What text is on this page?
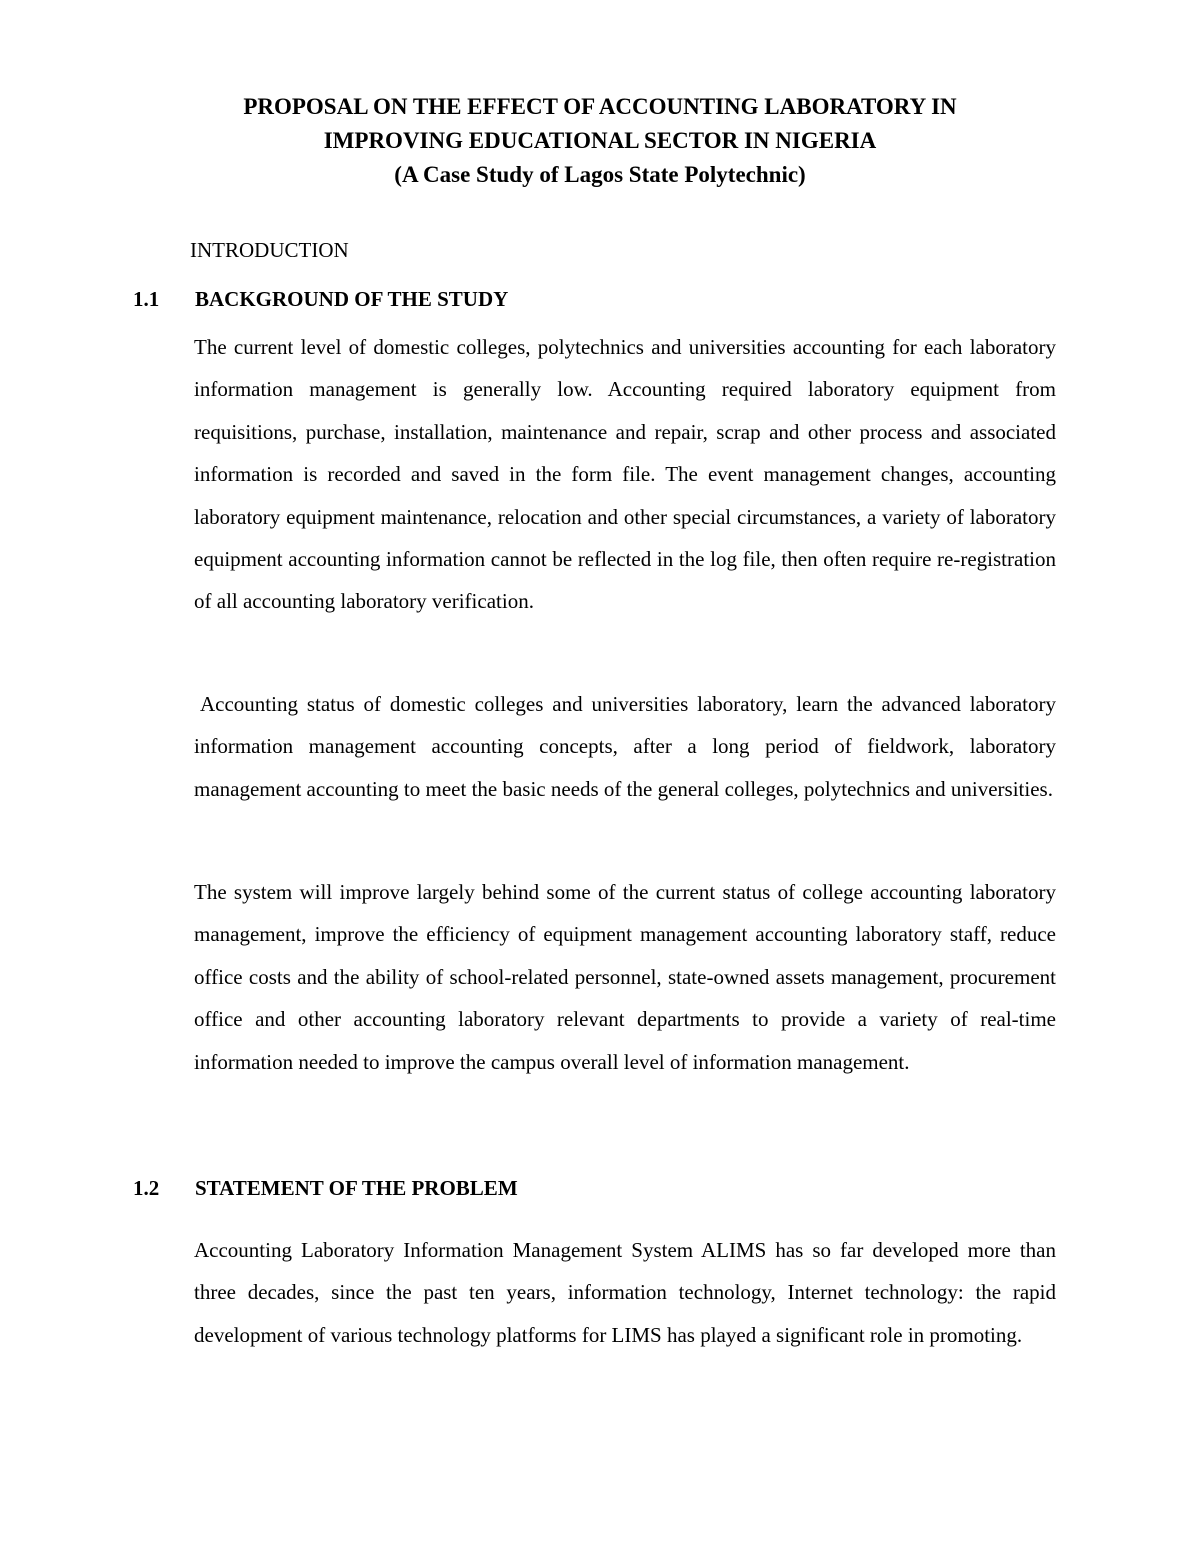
PROPOSAL ON THE EFFECT OF ACCOUNTING LABORATORY IN
IMPROVING EDUCATIONAL SECTOR IN NIGERIA
(A Case Study of Lagos State Polytechnic)
INTRODUCTION
1.1 BACKGROUND OF THE STUDY

The current level of domestic colleges, polytechnics and universities accounting for each laboratory information management is generally low. Accounting required laboratory equipment from requisitions, purchase, installation, maintenance and repair, scrap and other process and associated information is recorded and saved in the form file. The event management changes, accounting laboratory equipment maintenance, relocation and other special circumstances, a variety of laboratory equipment accounting information cannot be reflected in the log file, then often require re-registration of all accounting laboratory verification.

Accounting status of domestic colleges and universities laboratory, learn the advanced laboratory information management accounting concepts, after a long period of fieldwork, laboratory management accounting to meet the basic needs of the general colleges, polytechnics and universities.

The system will improve largely behind some of the current status of college accounting laboratory management, improve the efficiency of equipment management accounting laboratory staff, reduce office costs and the ability of school-related personnel, state-owned assets management, procurement office and other accounting laboratory relevant departments to provide a variety of real-time information needed to improve the campus overall level of information management.

1.2 STATEMENT OF THE PROBLEM

Accounting Laboratory Information Management System ALIMS has so far developed more than three decades, since the past ten years, information technology, Internet technology: the rapid development of various technology platforms for LIMS has played a significant role in promoting.
